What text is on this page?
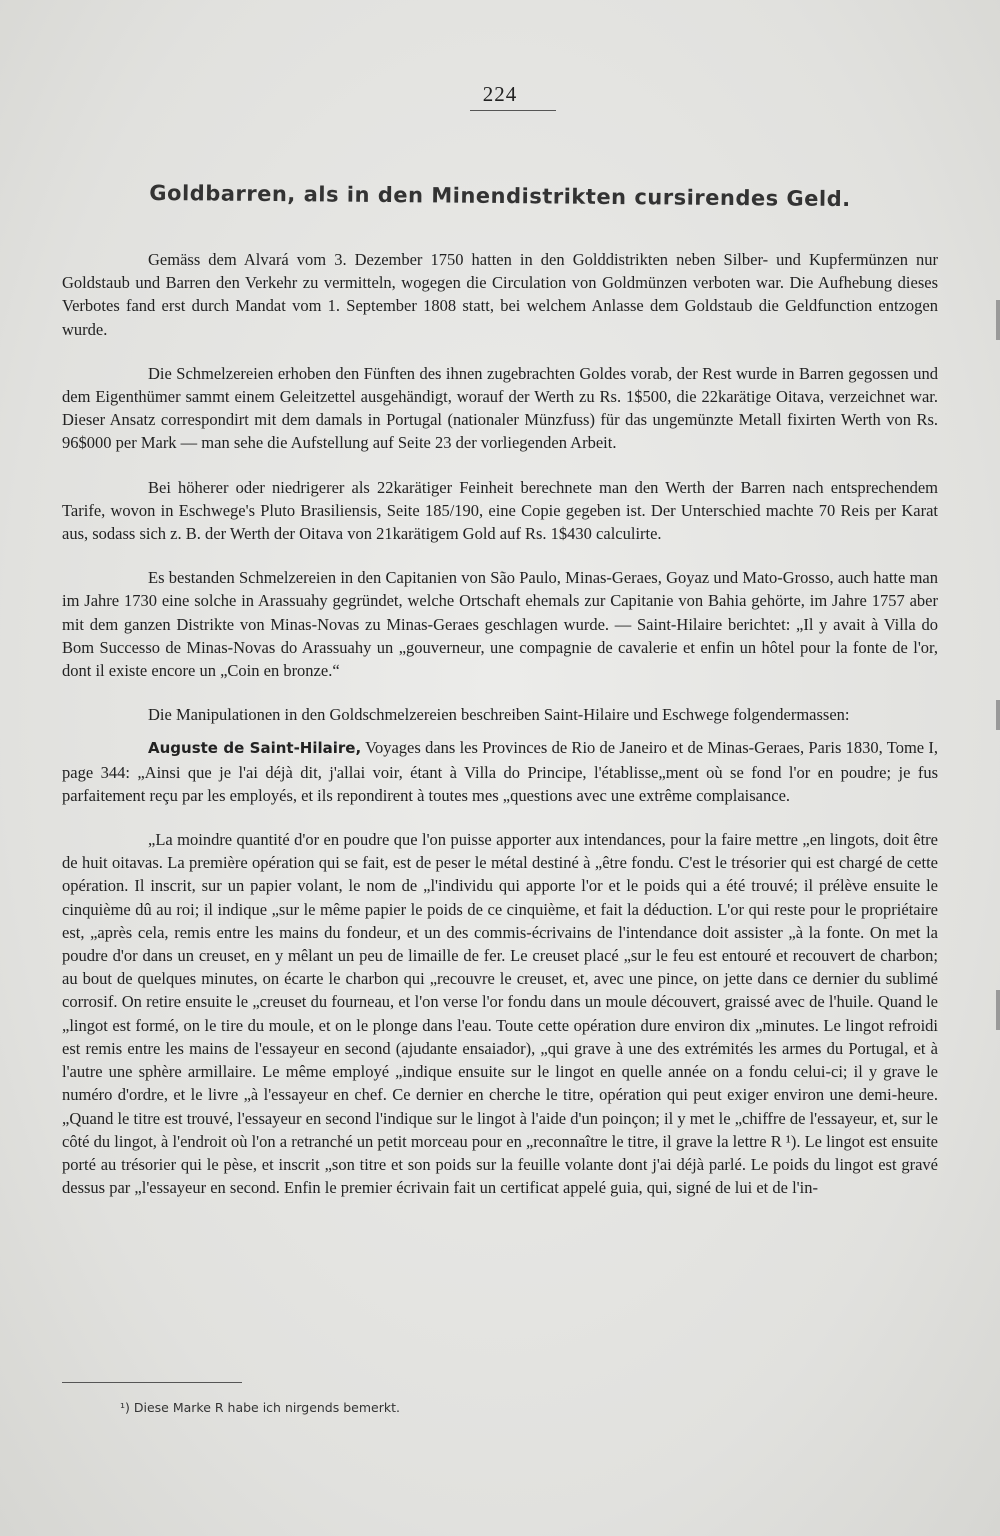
224
Goldbarren, als in den Minendistrikten cursirendes Geld.

Gemäss dem Alvará vom 3. Dezember 1750 hatten in den Golddistrikten neben Silber- und Kupfermünzen nur Goldstaub und Barren den Verkehr zu vermitteln, wogegen die Circulation von Goldmünzen verboten war. Die Aufhebung dieses Verbotes fand erst durch Mandat vom 1. September 1808 statt, bei welchem Anlasse dem Goldstaub die Geldfunction entzogen wurde.

Die Schmelzereien erhoben den Fünften des ihnen zugebrachten Goldes vorab, der Rest wurde in Barren gegossen und dem Eigenthümer sammt einem Geleitzettel ausgehändigt, worauf der Werth zu Rs. 1$500, die 22karätige Oitava, verzeichnet war. Dieser Ansatz correspondirt mit dem damals in Portugal (nationaler Münzfuss) für das ungemünzte Metall fixirten Werth von Rs. 96$000 per Mark — man sehe die Aufstellung auf Seite 23 der vorliegenden Arbeit.

Bei höherer oder niedrigerer als 22karätiger Feinheit berechnete man den Werth der Barren nach entsprechendem Tarife, wovon in Eschwege's Pluto Brasiliensis, Seite 185/190, eine Copie gegeben ist. Der Unterschied machte 70 Reis per Karat aus, sodass sich z. B. der Werth der Oitava von 21karätigem Gold auf Rs. 1$430 calculirte.

Es bestanden Schmelzereien in den Capitanien von São Paulo, Minas-Geraes, Goyaz und Mato-Grosso, auch hatte man im Jahre 1730 eine solche in Arassuahy gegründet, welche Ortschaft ehemals zur Capitanie von Bahia gehörte, im Jahre 1757 aber mit dem ganzen Distrikte von Minas-Novas zu Minas-Geraes geschlagen wurde. — Saint-Hilaire berichtet: „Il y avait à Villa do Bom Successo de Minas-Novas do Arassuahy un „gouverneur, une compagnie de cavalerie et enfin un hôtel pour la fonte de l'or, dont il existe encore un „Coin en bronze.“

Die Manipulationen in den Goldschmelzereien beschreiben Saint-Hilaire und Eschwege folgendermassen:

Auguste de Saint-Hilaire, Voyages dans les Provinces de Rio de Janeiro et de Minas-Geraes, Paris 1830, Tome I, page 344: „Ainsi que je l'ai déjà dit, j'allai voir, étant à Villa do Principe, l'établisse„ment où se fond l'or en poudre; je fus parfaitement reçu par les employés, et ils repondirent à toutes mes „questions avec une extrême complaisance.

„La moindre quantité d'or en poudre que l'on puisse apporter aux intendances, pour la faire mettre „en lingots, doit être de huit oitavas. La première opération qui se fait, est de peser le métal destiné à „être fondu. C'est le trésorier qui est chargé de cette opération. Il inscrit, sur un papier volant, le nom de „l'individu qui apporte l'or et le poids qui a été trouvé; il prélève ensuite le cinquième dû au roi; il indique „sur le même papier le poids de ce cinquième, et fait la déduction. L'or qui reste pour le propriétaire est, „après cela, remis entre les mains du fondeur, et un des commis-écrivains de l'intendance doit assister „à la fonte. On met la poudre d'or dans un creuset, en y mêlant un peu de limaille de fer. Le creuset placé „sur le feu est entouré et recouvert de charbon; au bout de quelques minutes, on écarte le charbon qui „recouvre le creuset, et, avec une pince, on jette dans ce dernier du sublimé corrosif. On retire ensuite le „creuset du fourneau, et l'on verse l'or fondu dans un moule découvert, graissé avec de l'huile. Quand le „lingot est formé, on le tire du moule, et on le plonge dans l'eau. Toute cette opération dure environ dix „minutes. Le lingot refroidi est remis entre les mains de l'essayeur en second (ajudante ensaiador), „qui grave à une des extrémités les armes du Portugal, et à l'autre une sphère armillaire. Le même employé „indique ensuite sur le lingot en quelle année on a fondu celui-ci; il y grave le numéro d'ordre, et le livre „à l'essayeur en chef. Ce dernier en cherche le titre, opération qui peut exiger environ une demi-heure. „Quand le titre est trouvé, l'essayeur en second l'indique sur le lingot à l'aide d'un poinçon; il y met le „chiffre de l'essayeur, et, sur le côté du lingot, à l'endroit où l'on a retranché un petit morceau pour en „reconnaître le titre, il grave la lettre R ¹). Le lingot est ensuite porté au trésorier qui le pèse, et inscrit „son titre et son poids sur la feuille volante dont j'ai déjà parlé. Le poids du lingot est gravé dessus par „l'essayeur en second. Enfin le premier écrivain fait un certificat appelé guia, qui, signé de lui et de l'in-

¹) Diese Marke R habe ich nirgends bemerkt.
